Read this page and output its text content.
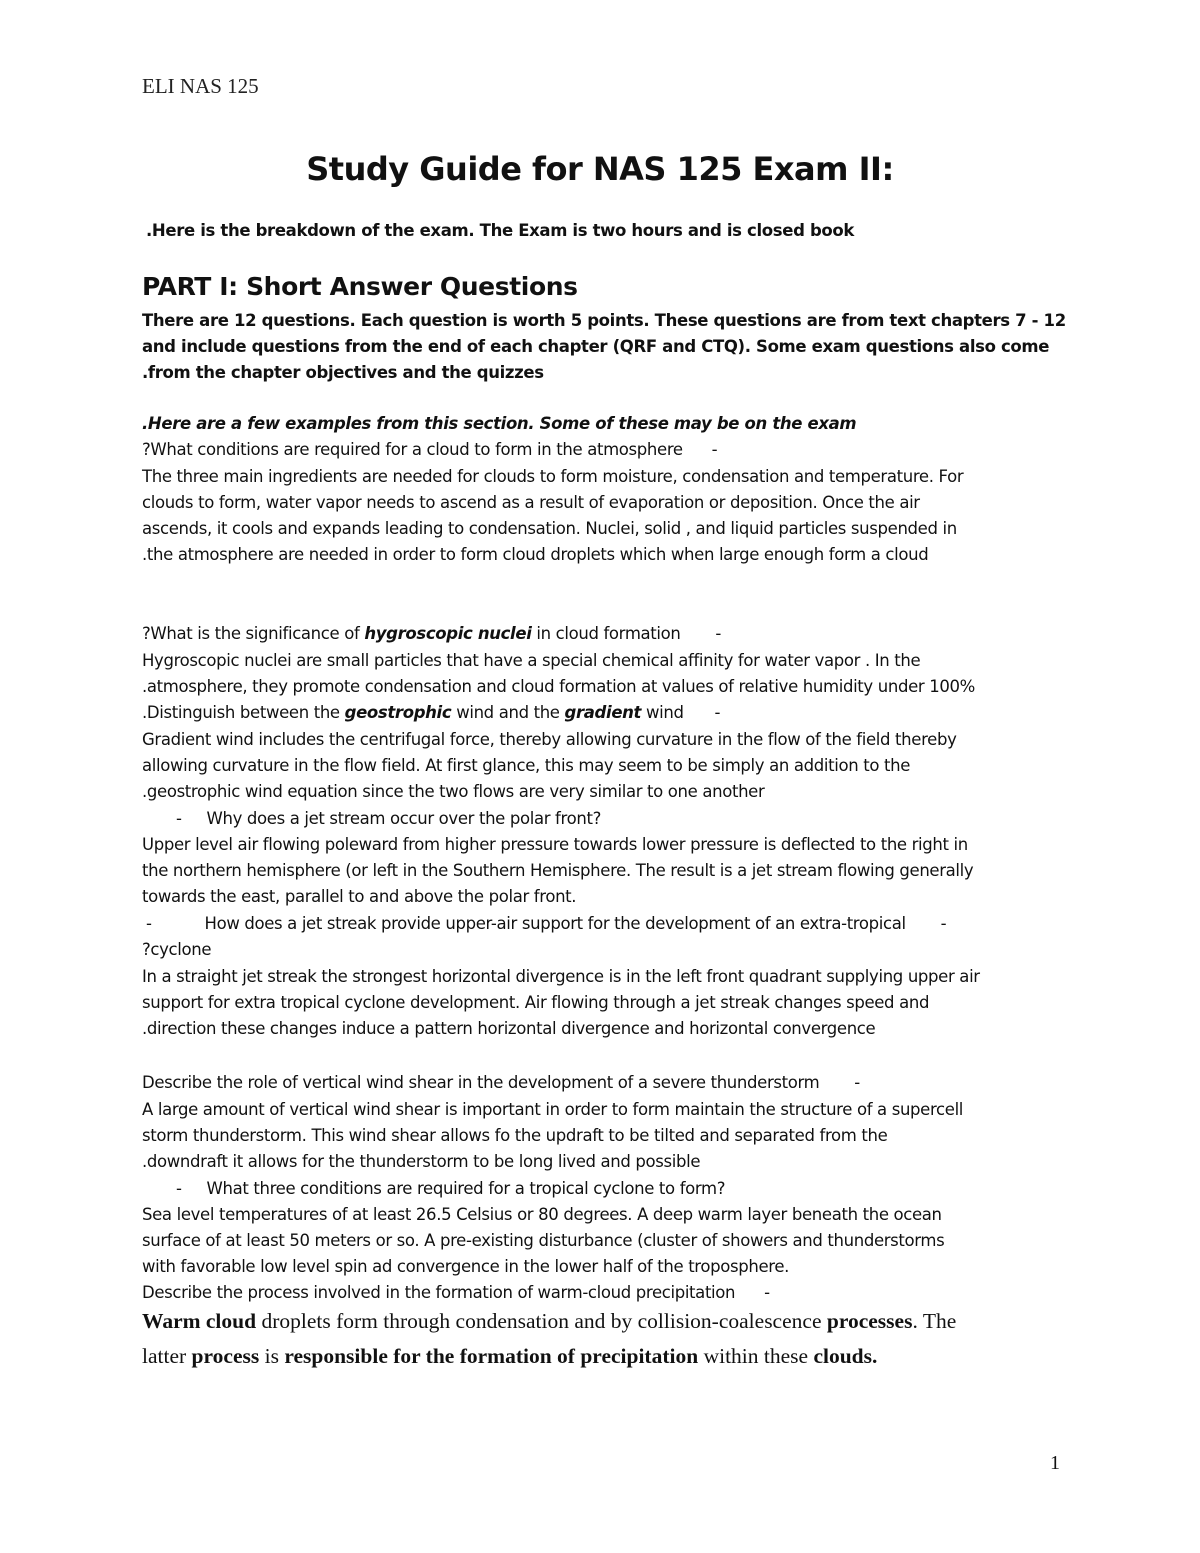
ELI NAS 125
Study Guide for NAS 125 Exam II:
.Here is the breakdown of the exam. The Exam is two hours and is closed book
PART I: Short Answer Questions
There are 12 questions. Each question is worth 5 points. These questions are from text chapters 7 - 12
and include questions from the end of each chapter (QRF and CTQ). Some exam questions also come
.from the chapter objectives and the quizzes
.Here are a few examples from this section. Some of these may be on the exam
?What conditions are required for a cloud to form in the atmosphere -
The three main ingredients are needed for clouds to form moisture, condensation and temperature. For
clouds to form, water vapor needs to ascend as a result of evaporation or deposition. Once the air
ascends, it cools and expands leading to condensation. Nuclei, solid , and liquid particles suspended in
.the atmosphere are needed in order to form cloud droplets which when large enough form a cloud
?What is the significance of hygroscopic nuclei in cloud formation -
Hygroscopic nuclei are small particles that have a special chemical affinity for water vapor . In the
.atmosphere, they promote condensation and cloud formation at values of relative humidity under 100%
.Distinguish between the geostrophic wind and the gradient wind -
Gradient wind includes the centrifugal force, thereby allowing curvature in the flow of the field thereby
allowing curvature in the flow field. At first glance, this may seem to be simply an addition to the
.geostrophic wind equation since the two flows are very similar to one another
- Why does a jet stream occur over the polar front?
Upper level air flowing poleward from higher pressure towards lower pressure is deflected to the right in
the northern hemisphere (or left in the Southern Hemisphere. The result is a jet stream flowing generally
towards the east, parallel to and above the polar front.
-	How does a jet streak provide upper-air support for the development of an extra-tropical -
?cyclone
In a straight jet streak the strongest horizontal divergence is in the left front quadrant supplying upper air
support for extra tropical cyclone development. Air flowing through a jet streak changes speed and
.direction these changes induce a pattern horizontal divergence and horizontal convergence
Describe the role of vertical wind shear in the development of a severe thunderstorm -
A large amount of vertical wind shear is important in order to form maintain the structure of a supercell
storm thunderstorm. This wind shear allows fo the updraft to be tilted and separated from the
.downdraft it allows for the thunderstorm to be long lived and possible
- What three conditions are required for a tropical cyclone to form?
Sea level temperatures of at least 26.5 Celsius or 80 degrees. A deep warm layer beneath the ocean
surface of at least 50 meters or so. A pre-existing disturbance (cluster of showers and thunderstorms
with favorable low level spin ad convergence in the lower half of the troposphere.
Describe the process involved in the formation of warm-cloud precipitation -
Warm cloud droplets form through condensation and by collision-coalescence processes. The
latter process is responsible for the formation of precipitation within these clouds.
1
